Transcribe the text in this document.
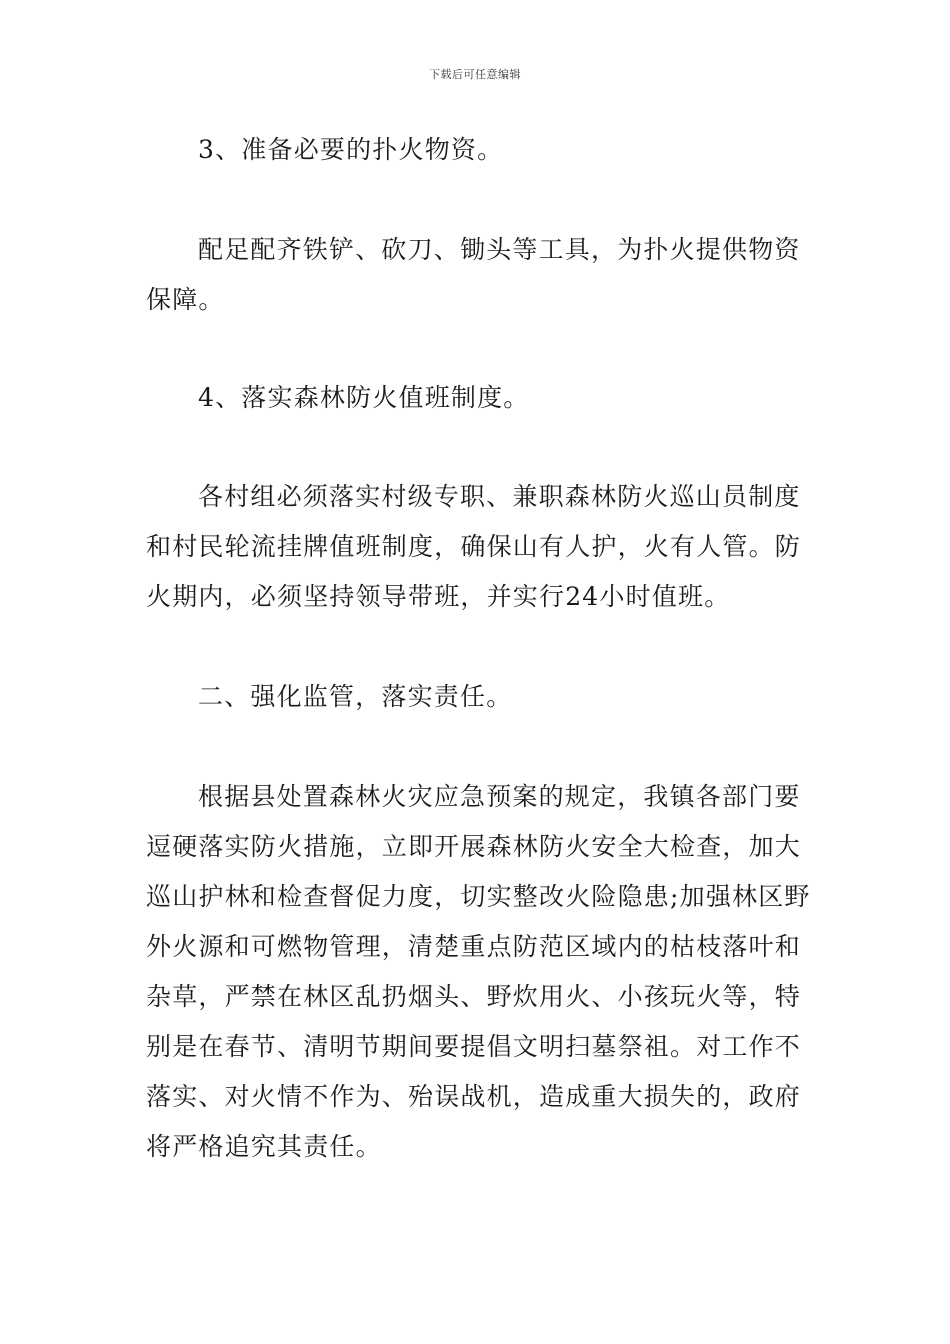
下载后可任意编辑

3、准备必要的扑火物资。

配足配齐铁铲、砍刀、锄头等工具，为扑火提供物资
保障。

4、落实森林防火值班制度。

各村组必须落实村级专职、兼职森林防火巡山员制度
和村民轮流挂牌值班制度，确保山有人护，火有人管。防
火期内，必须坚持领导带班，并实行24小时值班。

二、强化监管，落实责任。

根据县处置森林火灾应急预案的规定，我镇各部门要
逗硬落实防火措施，立即开展森林防火安全大检查，加大
巡山护林和检查督促力度，切实整改火险隐患;加强林区野
外火源和可燃物管理，清楚重点防范区域内的枯枝落叶和
杂草，严禁在林区乱扔烟头、野炊用火、小孩玩火等，特
别是在春节、清明节期间要提倡文明扫墓祭祖。对工作不
落实、对火情不作为、殆误战机，造成重大损失的，政府
将严格追究其责任。
